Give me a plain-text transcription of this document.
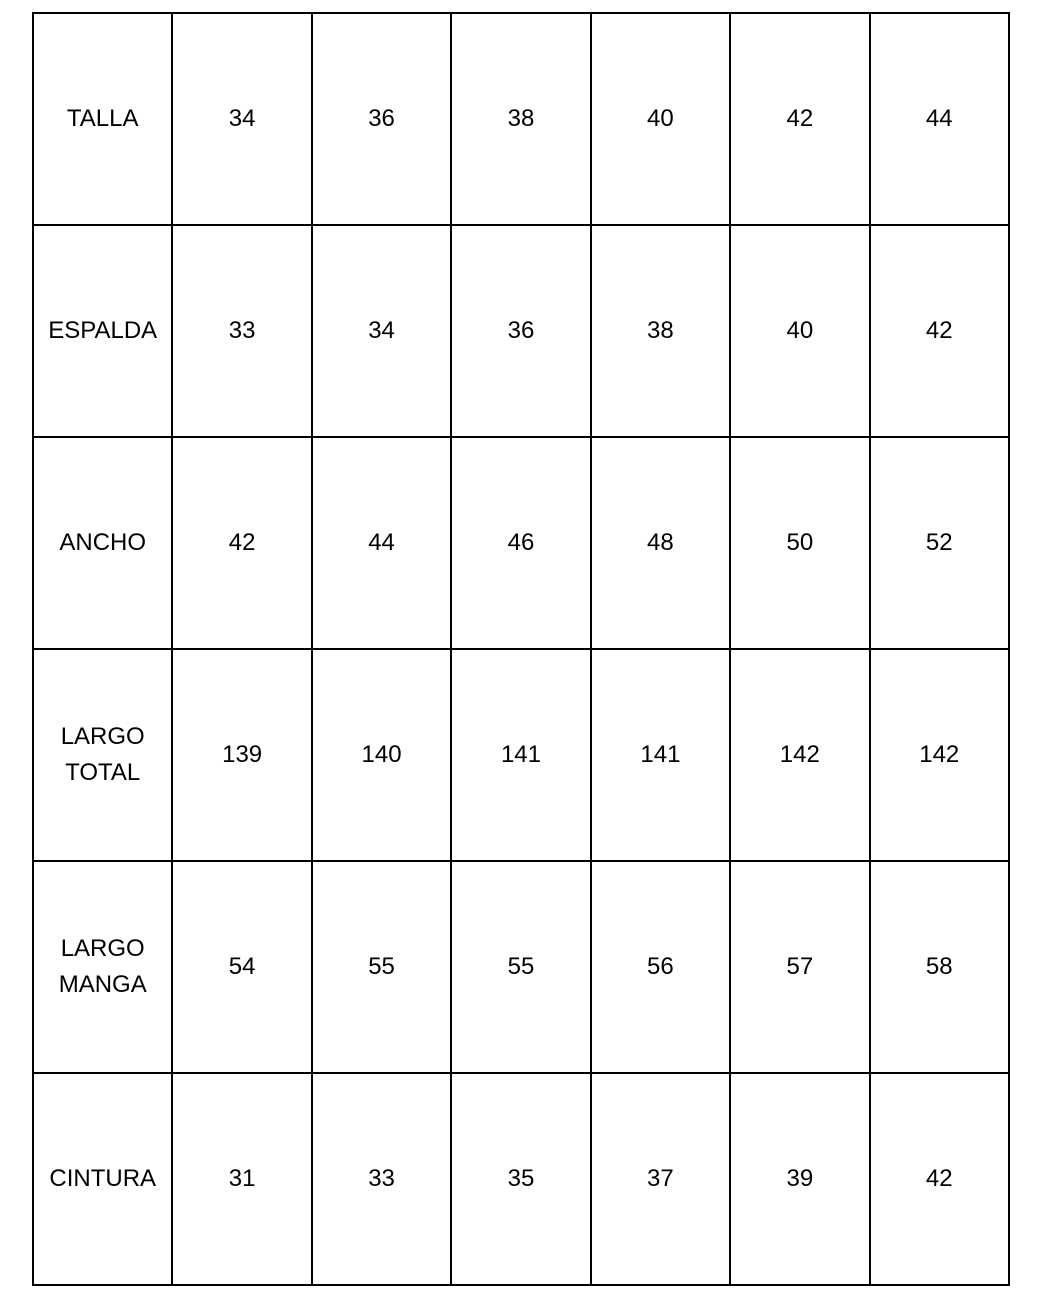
TALLA	34	36	38	40	42	44
ESPALDA	33	34	36	38	40	42
ANCHO	42	44	46	48	50	52
LARGO
TOTAL	139	140	141	141	142	142
LARGO
MANGA	54	55	55	56	57	58
CINTURA	31	33	35	37	39	42
